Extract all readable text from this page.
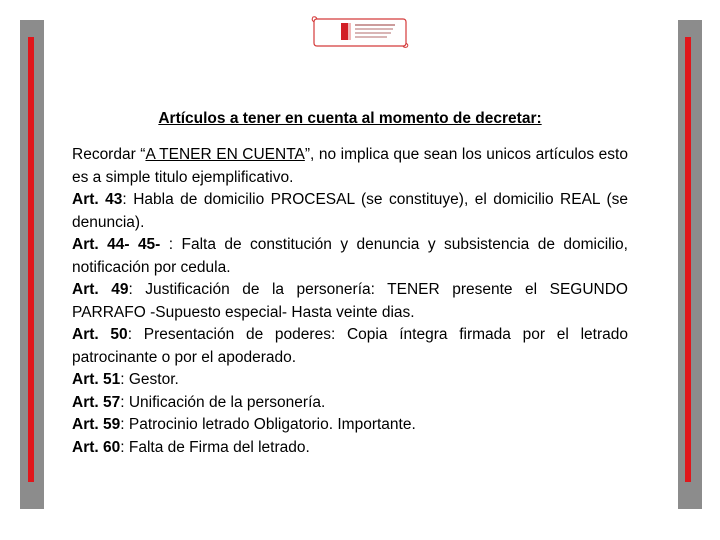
Artículos a tener en cuenta al momento de decretar:

Recordar “A TENER EN CUENTA”, no implica que sean los unicos artículos esto es a simple titulo ejemplificativo.

Art. 43: Habla de domicilio PROCESAL (se constituye), el domicilio REAL (se denuncia).

Art. 44- 45- : Falta de constitución y denuncia y subsistencia de domicilio, notificación por cedula.

Art. 49: Justificación de la personería: TENER presente el SEGUNDO PARRAFO -Supuesto especial- Hasta veinte dias.

Art. 50: Presentación de poderes: Copia íntegra firmada por el letrado patrocinante o por el apoderado.

Art. 51: Gestor.

Art. 57: Unificación de la personería.

Art. 59: Patrocinio letrado Obligatorio. Importante.

Art. 60: Falta de Firma del letrado.
